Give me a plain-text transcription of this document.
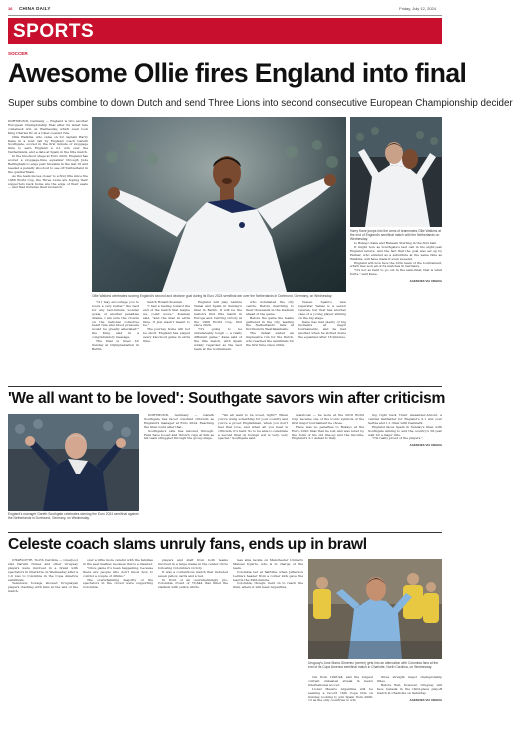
16 CHINA DAILY	Friday, July 12, 2024
SPORTS
SOCCER
Awesome Ollie fires England into final
Super subs combine to down Dutch and send Three Lions into second consecutive European Championship decider

DORTMUND, Germany — England is into another European Championship final after its latest late comeback win on Wednesday, which even took King Charles III on a roller-coaster ride.

Ollie Watkins, who came on for captain Harry Kane in a bold call by England coach Gareth Southgate, scored in the first minute of stoppage time to earn England a 2-1 win over the Netherlands, and a date at Spain in the title match.

In the knockout stage at Euro 2020, England has scored a stoppage-time equalizer through Jude Bellingham to edge past Slovakia in the last 16 and needed a penalty shootout to see off Switzerland in the quarterfinals.

As the team moves closer to a first title since the 1966 World Cup, the Three Lions are hoping their supporters back home are the edge of their seats — and that includes their monarch.

Ollie Watkins celebrates scoring England's second and decisive goal during its Euro 2024 semifinal win over the Netherlands in Dortmund, Germany, on Wednesday.

"If I may encourage you to score a very better," the best for any last-minute wonder goals, or another penalties drama, I am sure the crowns on the national collective heart rate and blood pressure would be greatly alleviated!" the King said in a congratulatory message.

The final is fixed for Sunday at Olympiastadion in Berlin.

match Ronald Koeman.

"I had a feeling toward the end of the match that maybe we could score," Koeman said, "and the man in extra time. It just wasn't meant to be."

The journey home will not be short. England has played every knockout game in extra time.

England will play Lamine Yamal and Spain in Sunday's final in Berlin. It will be the nation's first title match in Europe and, barring victory at the 1966 World Cup, first since 2020.

"It's going to be unbelievably tough — a really different game," Kane said of the title match, with Spain widely regarded as the best team at the tournament.

who dominated the city centre. Before marching to their thousands in the stadium ahead of the game.

Before the game the teams gathered in the city, leading the Netherlands' fans at Dortmund's Westfalenhalle.

The defeat ended an impressive run for the Dutch, who reached the semifinals for the first time since 2004.

Vessel. Spain's new superstar Yamal is a senior veteran, but that has another case of a young player shining on the big stage.

Kane has had plenty of big moments at major tournaments, and he had another when he slotted home the equalizer after 18 minutes.

Harry Kane jumps into the arms of teammates Ollie Watkins at the end of England's semifinal match with the Netherlands on Wednesday.

to Bukayo Saka and Raheem Sterling in the first half.

It might now as Southgate's last call in his eight-year England tenure. And the fact that the goal was set up by Palmer, who entered as a substitute at the same time as Watkins, will have made it even sweeter.

England will now face the form team of the tournament, which has won all of its matches in Germany.

"It's not as hard to go out in the semi-final; that is what hurts," said Kane.

AGENCIES VIA XINHUA
'We all want to be loved': Southgate savors win after criticism
England's manager Gareth Southgate celebrates winning the Euro 2024 semifinal against the Netherlands in Dortmund, Germany, on Wednesday.

DORTMUND, Germany — Gareth Southgate has faced constant criticism as England's manager at Euro 2024. Reaching the final could alter that.

Southgate's side has labored through. Fans have booed and thrown cups at him as his team struggled through the group stage.

"We all want to be loved, right?" When you're doing something for your country and you're a proud Englishman, when you don't feel that love, and when all you hear is criticism, it's hard. So to be able to celebrate a second final on foreign soil is very, very special," Southgate said.

waistcoat — he wore at the 2018 World Cup became one of the iconic symbols of the first major tournament he chose.

Here was no penalties to Bukayo at the Euro 2020 final that he lost and was lured by the form of his old line-up and the favorite, England's 2-1 defeat to Italy.

ing right back Trent Alexander-Arnold, a central midfielder for England's 2-1 win over Serbia and 1-1 draw with Denmark.

England faces Spain in Sunday's final, with Southgate aiming to end the country's 58-year wait for a major title.

"I'm really proud of the players."

AGENCIES VIA XINHUA
Celeste coach slams unruly fans, ends up in brawl

CHARLOTTE, North Carolina — Liverpool star Darwin Nunez and other Uruguay players were involved in a brawl with spectators in Charlotte on Wednesday after a 1-0 loss to Colombia in the Copa America semifinals.

Television footage showed Uruguayan players clashing with fans at the end of the match.

over a little more careful with the families in the seat marker, because this is a disaster.

"Once game it's been happening, because there are people who don't know how to control a couple of drinks."

The overwhelming majority of the spectators in the crowd were supporting Colombia.

players and staff from both teams involved in a large melee in the center circle following Colombia's victory.

It was a contentious match that included seven yellow cards and a red.

In front of an overwhelmingly pro-Colombia crowd of 70,644 that filled the stadium with yellow shirts.

less able tackle on Manchester United's Manuel Ugarte, who is in charge of the team.

Colombia led at halftime when Jefferson Lerma's header from a corner kick gave the lead in the 39th minute.

Colombia, though, held on to reach the final, where it will meet Argentina.

Uruguay's Jose Maria Gimenez (center) gets into an altercation with Colombia fans at the end of its Copa America semifinal match in Charlotte, North Carolina, on Wednesday.

run from 1993-94, and the longest current unbeaten streak in men's international soccer.

Lionel Messi's Argentina will be seeking a record 16th Copa title on Sunday, looking to join Spain from 2008-12 as the only countries to win

three straight major championship titles.

Before that, however, Uruguay will face Canada in the third-place playoff match in Charlotte on Saturday.

AGENCIES VIA XINHUA
